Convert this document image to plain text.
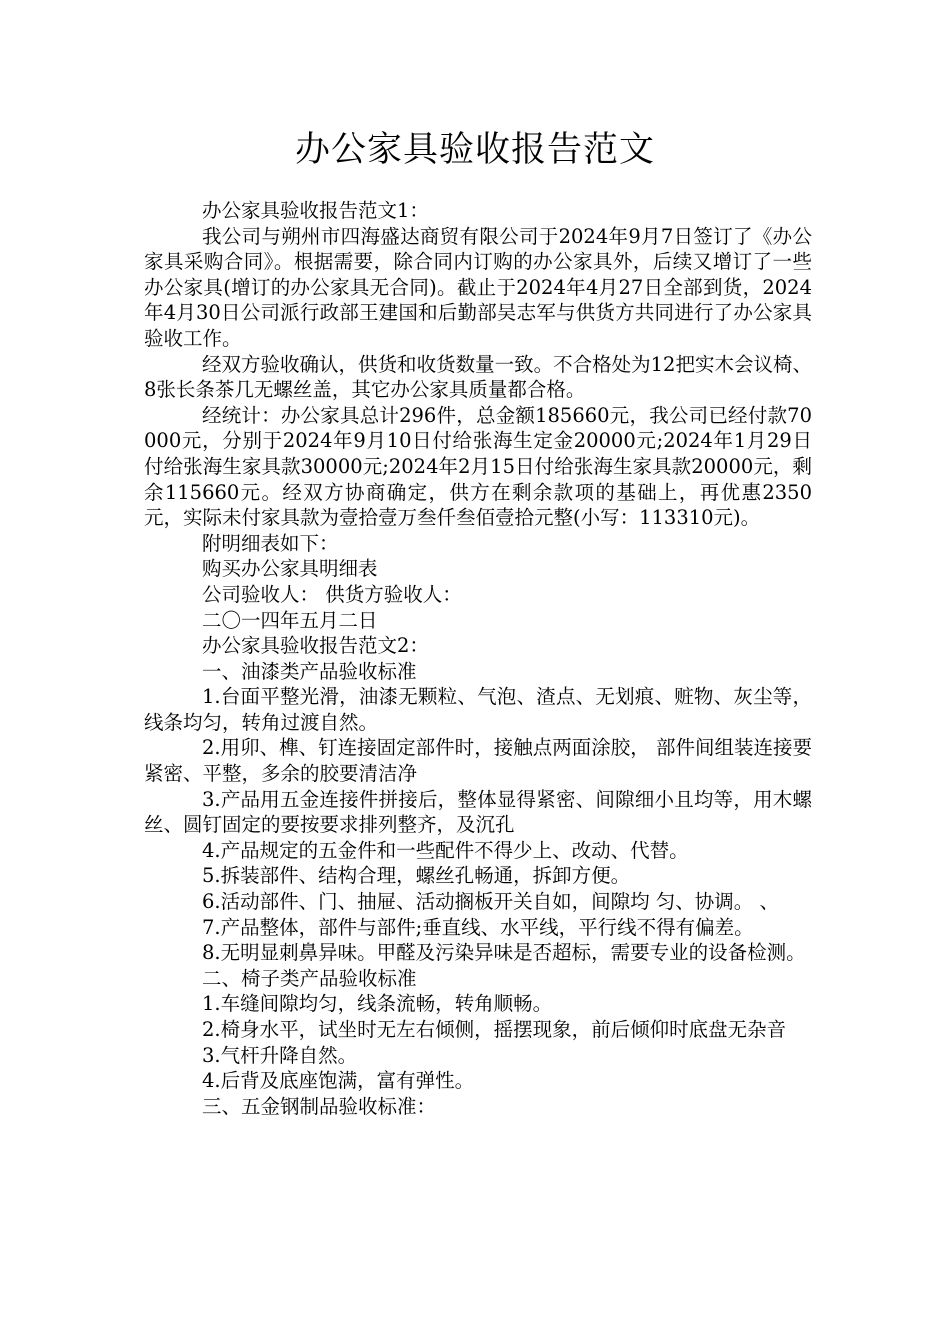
办公家具验收报告范文

办公家具验收报告范文1：

我公司与朔州市四海盛达商贸有限公司于2024年9月7日签订了《办公家具采购合同》。根据需要，除合同内订购的办公家具外，后续又增订了一些办公家具(增订的办公家具无合同)。截止于2024年4月27日全部到货，2024年4月30日公司派行政部王建国和后勤部吴志军与供货方共同进行了办公家具验收工作。

经双方验收确认，供货和收货数量一致。不合格处为12把实木会议椅、8张长条茶几无螺丝盖，其它办公家具质量都合格。

经统计：办公家具总计296件，总金额185660元，我公司已经付款70000元，分别于2024年9月10日付给张海生定金20000元;2024年1月29日付给张海生家具款30000元;2024年2月15日付给张海生家具款20000元，剩余115660元。经双方协商确定，供方在剩余款项的基础上，再优惠2350元，实际未付家具款为壹拾壹万叁仟叁佰壹拾元整(小写：113310元)。

附明细表如下：

购买办公家具明细表

公司验收人： 供货方验收人：

二〇一四年五月二日

办公家具验收报告范文2：

一、油漆类产品验收标准

1.台面平整光滑，油漆无颗粒、气泡、渣点、无划痕、赃物、灰尘等，线条均匀，转角过渡自然。

2.用卯、榫、钉连接固定部件时，接触点两面涂胶， 部件间组装连接要紧密、平整，多余的胶要清洁净

3.产品用五金连接件拼接后，整体显得紧密、间隙细小且均等，用木螺丝、圆钉固定的要按要求排列整齐，及沉孔

4.产品规定的五金件和一些配件不得少上、改动、代替。

5.拆装部件、结构合理，螺丝孔畅通，拆卸方便。

6.活动部件、门、抽屉、活动搁板开关自如，间隙均 匀、协调。 、

7.产品整体，部件与部件;垂直线、水平线，平行线不得有偏差。

8.无明显刺鼻异味。甲醛及污染异味是否超标，需要专业的设备检测。

二、椅子类产品验收标准

1.车缝间隙均匀，线条流畅，转角顺畅。

2.椅身水平，试坐时无左右倾侧，摇摆现象，前后倾仰时底盘无杂音

3.气杆升降自然。

4.后背及底座饱满，富有弹性。

三、五金钢制品验收标准：
